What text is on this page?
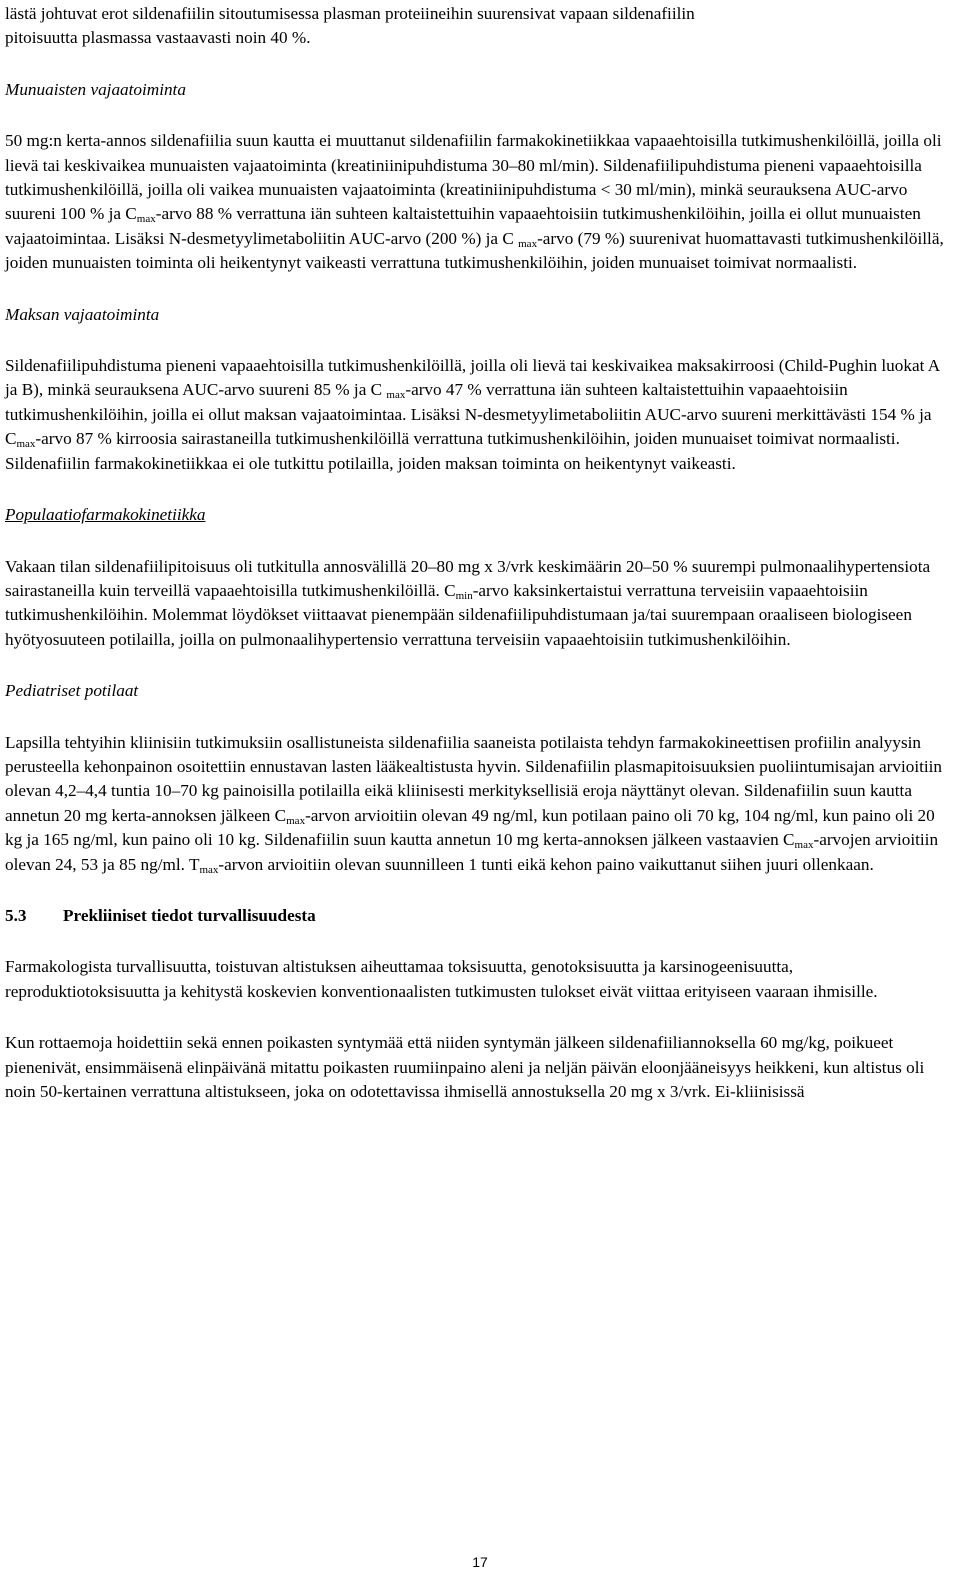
lästä johtuvat erot sildenafiilin sitoutumisessa plasman proteiineihin suurensivat vapaan sildenafiilin
pitoisuutta plasmassa vastaavasti noin 40 %.

Munuaisten vajaatoiminta

50 mg:n kerta-annos sildenafiilia suun kautta ei muuttanut sildenafiilin farmakokinetiikkaa vapaaehtoisilla tutkimushenkilöillä, joilla oli lievä tai keskivaikea munuaisten vajaatoiminta (kreatiniinipuhdistuma 30–80 ml/min). Sildenafiilipuhdistuma pieneni vapaaehtoisilla tutkimushenkilöillä, joilla oli vaikea munuaisten vajaatoiminta (kreatiniinipuhdistuma < 30 ml/min), minkä seurauksena AUC-arvo suureni 100 % ja $C_{max}$-arvo 88 % verrattuna iän suhteen kaltaistettuihin vapaaehtoisiin tutkimushenkilöihin, joilla ei ollut munuaisten vajaatoimintaa. Lisäksi N-desmetyylimetaboliitin AUC-arvo (200 %) ja C $_{max}$-arvo (79 %) suurenivat huomattavasti tutkimushenkilöillä, joiden munuaisten toiminta oli heikentynyt vaikeasti verrattuna tutkimushenkilöihin, joiden munuaiset toimivat normaalisti.

Maksan vajaatoiminta

Sildenafiilipuhdistuma pieneni vapaaehtoisilla tutkimushenkilöillä, joilla oli lievä tai keskivaikea maksakirroosi (Child-Pughin luokat A ja B), minkä seurauksena AUC-arvo suureni 85 % ja C $_{max}$-arvo 47 % verrattuna iän suhteen kaltaistettuihin vapaaehtoisiin tutkimushenkilöihin, joilla ei ollut maksan vajaatoimintaa. Lisäksi N-desmetyylimetaboliitin AUC-arvo suureni merkittävästi 154 % ja $C_{max}$-arvo 87 % kirroosia sairastaneilla tutkimushenkilöillä verrattuna tutkimushenkilöihin, joiden munuaiset toimivat normaalisti. Sildenafiilin farmakokinetiikkaa ei ole tutkittu potilailla, joiden maksan toiminta on heikentynyt vaikeasti.

Populaatiofarmakokinetiikka

Vakaan tilan sildenafiilipitoisuus oli tutkitulla annosvälillä 20–80 mg x 3/vrk keskimäärin 20–50 % suurempi pulmonaalihypertensiota sairastaneilla kuin terveillä vapaaehtoisilla tutkimushenkilöillä. $C_{min}$-arvo kaksinkertaistui verrattuna terveisiin vapaaehtoisiin tutkimushenkilöihin. Molemmat löydökset viittaavat pienempään sildenafiilipuhdistumaan ja/tai suurempaan oraaliseen biologiseen hyötyosuuteen potilailla, joilla on pulmonaalihypertensio verrattuna terveisiin vapaaehtoisiin tutkimushenkilöihin.

Pediatriset potilaat

Lapsilla tehtyihin kliinisiin tutkimuksiin osallistuneista sildenafiilia saaneista potilaista tehdyn farmakokineettisen profiilin analyysin perusteella kehonpainon osoitettiin ennustavan lasten lääkealtistusta hyvin. Sildenafiilin plasmapitoisuuksien puoliintumisajan arvioitiin olevan 4,2–4,4 tuntia 10–70 kg painoisilla potilailla eikä kliinisesti merkityksellisiä eroja näyttänyt olevan. Sildenafiilin suun kautta annetun 20 mg kerta-annoksen jälkeen $C_{max}$-arvon arvioitiin olevan 49 ng/ml, kun potilaan paino oli 70 kg, 104 ng/ml, kun paino oli 20 kg ja 165 ng/ml, kun paino oli 10 kg. Sildenafiilin suun kautta annetun 10 mg kerta-annoksen jälkeen vastaavien $C_{max}$-arvojen arvioitiin olevan 24, 53 ja 85 ng/ml. $T_{max}$-arvon arvioitiin olevan suunnilleen 1 tunti eikä kehon paino vaikuttanut siihen juuri ollenkaan.

5.3 Prekliiniset tiedot turvallisuudesta

Farmakologista turvallisuutta, toistuvan altistuksen aiheuttamaa toksisuutta, genotoksisuutta ja karsinogeenisuutta, reproduktiotoksisuutta ja kehitystä koskevien konventionaalisten tutkimusten tulokset eivät viittaa erityiseen vaaraan ihmisille.

Kun rottaemoja hoidettiin sekä ennen poikasten syntymää että niiden syntymän jälkeen sildenafiiliannoksella 60 mg/kg, poikueet pienenivät, ensimmäisenä elinpäivänä mitattu poikasten ruumiinpaino aleni ja neljän päivän eloonjääneisyys heikkeni, kun altistus oli noin 50-kertainen verrattuna altistukseen, joka on odotettavissa ihmisellä annostuksella 20 mg x 3/vrk. Ei-kliinisissä

17
